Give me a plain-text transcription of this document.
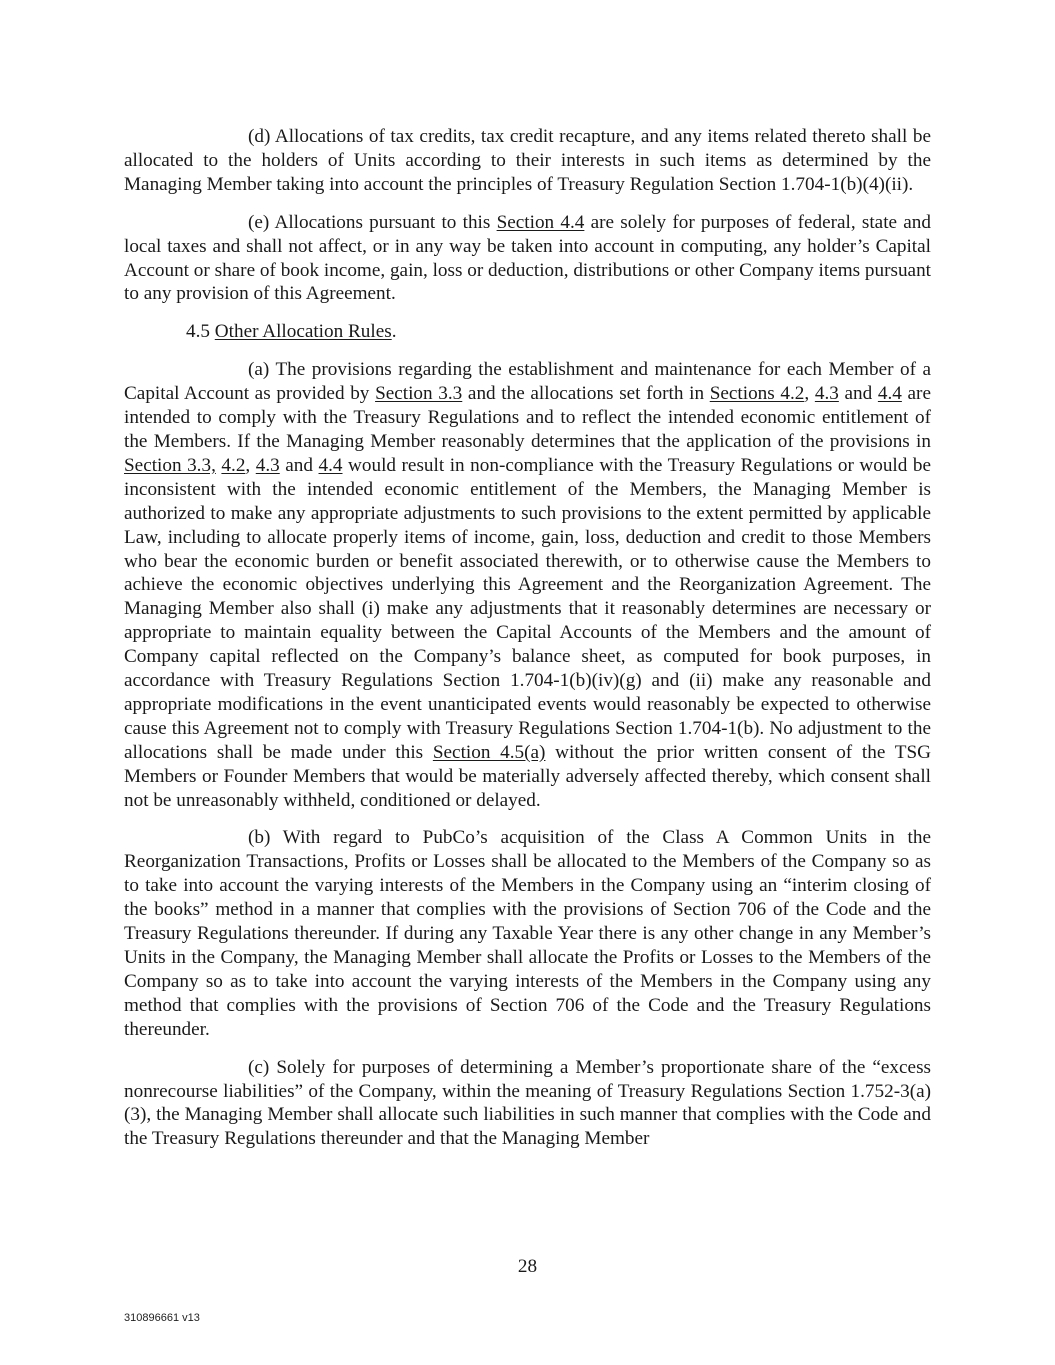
(d) Allocations of tax credits, tax credit recapture, and any items related thereto shall be allocated to the holders of Units according to their interests in such items as determined by the Managing Member taking into account the principles of Treasury Regulation Section 1.704-1(b)(4)(ii).

(e) Allocations pursuant to this Section 4.4 are solely for purposes of federal, state and local taxes and shall not affect, or in any way be taken into account in computing, any holder’s Capital Account or share of book income, gain, loss or deduction, distributions or other Company items pursuant to any provision of this Agreement.

4.5 Other Allocation Rules.

(a) The provisions regarding the establishment and maintenance for each Member of a Capital Account as provided by Section 3.3 and the allocations set forth in Sections 4.2, 4.3 and 4.4 are intended to comply with the Treasury Regulations and to reflect the intended economic entitlement of the Members. If the Managing Member reasonably determines that the application of the provisions in Section 3.3, 4.2, 4.3 and 4.4 would result in non-compliance with the Treasury Regulations or would be inconsistent with the intended economic entitlement of the Members, the Managing Member is authorized to make any appropriate adjustments to such provisions to the extent permitted by applicable Law, including to allocate properly items of income, gain, loss, deduction and credit to those Members who bear the economic burden or benefit associated therewith, or to otherwise cause the Members to achieve the economic objectives underlying this Agreement and the Reorganization Agreement. The Managing Member also shall (i) make any adjustments that it reasonably determines are necessary or appropriate to maintain equality between the Capital Accounts of the Members and the amount of Company capital reflected on the Company’s balance sheet, as computed for book purposes, in accordance with Treasury Regulations Section 1.704-1(b)(iv)(g) and (ii) make any reasonable and appropriate modifications in the event unanticipated events would reasonably be expected to otherwise cause this Agreement not to comply with Treasury Regulations Section 1.704-1(b). No adjustment to the allocations shall be made under this Section 4.5(a) without the prior written consent of the TSG Members or Founder Members that would be materially adversely affected thereby, which consent shall not be unreasonably withheld, conditioned or delayed.

(b) With regard to PubCo’s acquisition of the Class A Common Units in the Reorganization Transactions, Profits or Losses shall be allocated to the Members of the Company so as to take into account the varying interests of the Members in the Company using an “interim closing of the books” method in a manner that complies with the provisions of Section 706 of the Code and the Treasury Regulations thereunder. If during any Taxable Year there is any other change in any Member’s Units in the Company, the Managing Member shall allocate the Profits or Losses to the Members of the Company so as to take into account the varying interests of the Members in the Company using any method that complies with the provisions of Section 706 of the Code and the Treasury Regulations thereunder.

(c) Solely for purposes of determining a Member’s proportionate share of the “excess nonrecourse liabilities” of the Company, within the meaning of Treasury Regulations Section 1.752-3(a)(3), the Managing Member shall allocate such liabilities in such manner that complies with the Code and the Treasury Regulations thereunder and that the Managing Member

28
310896661 v13
